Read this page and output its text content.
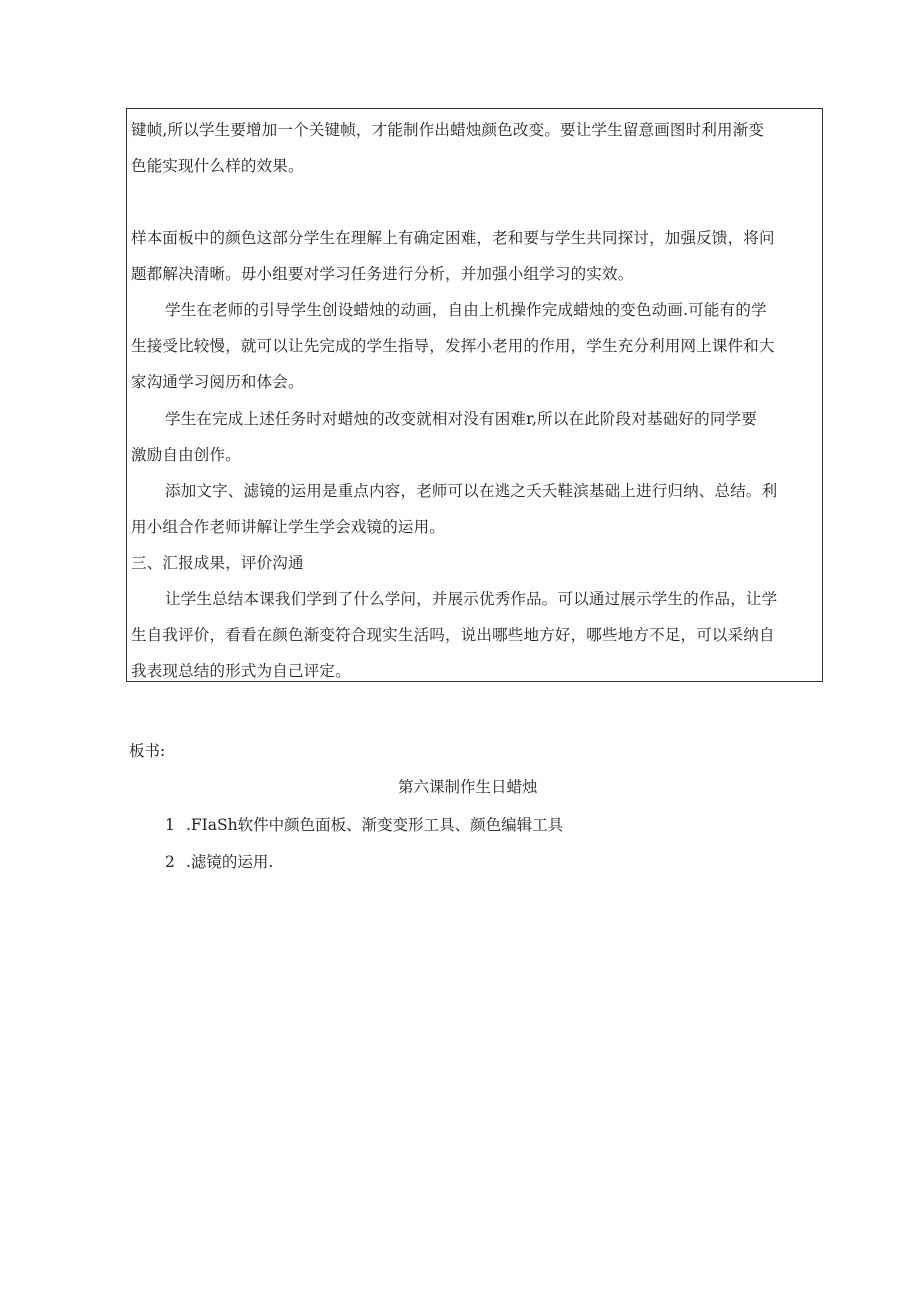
键帧,所以学生要增加一个关键帧，才能制作出蜡烛颜色改变。要让学生留意画图时利用渐变
色能实现什么样的效果。
样本面板中的颜色这部分学生在理解上有确定困难，老和要与学生共同探讨，加强反馈，将问
题都解决清晰。毋小组要对学习任务进行分析，并加强小组学习的实效。
学生在老师的引导学生创设蜡烛的动画，自由上机操作完成蜡烛的变色动画.可能有的学
生接受比较慢，就可以让先完成的学生指导，发挥小老用的作用，学生充分利用网上课件和大
家沟通学习阅历和体会。
学生在完成上述任务时对蜡烛的改变就相对没有困难r,所以在此阶段对基础好的同学要
激励自由创作。
添加文字、滤镜的运用是重点内容，老师可以在逃之夭夭鞋滨基础上进行归纳、总结。利
用小组合作老师讲解让学生学会戏镜的运用。
三、汇报成果，评价沟通
让学生总结本课我们学到了什么学问，并展示优秀作品。可以通过展示学生的作品，让学
生自我评价，看看在颜色渐变符合现实生活吗，说出哪些地方好，哪些地方不足，可以采纳自
我表现总结的形式为自己评定。
板书:
第六课制作生日蜡烛
1 .FIaSh软件中颜色面板、渐变变形工具、颜色编辑工具
2 .滤镜的运用.
